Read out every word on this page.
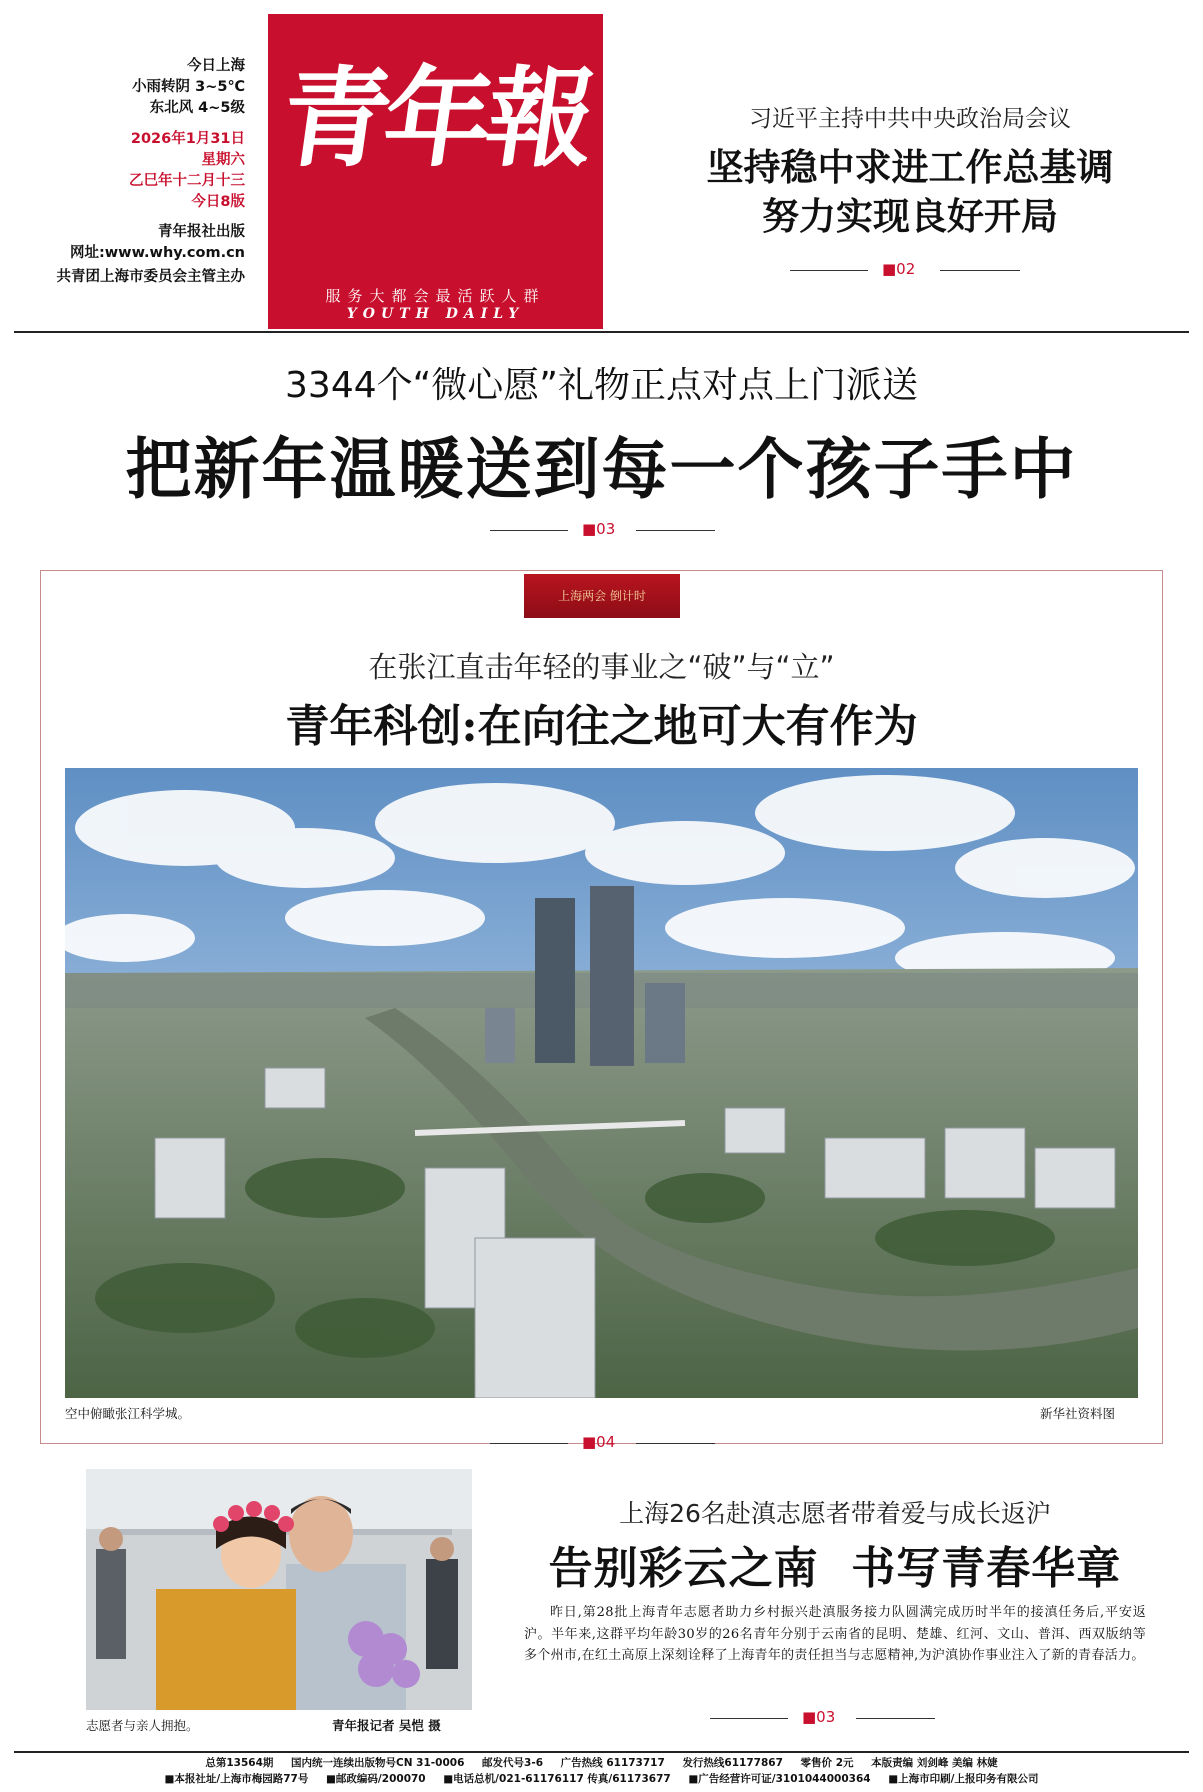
今日上海
小雨转阴 3~5℃
东北风 4~5级
2026年1月31日
星期六
乙巳年十二月十三
今日8版
青年报社出版
网址:www.why.com.cn
共青团上海市委员会主管主办
青年報
服务大都会最活跃人群
YOUTH DAILY
习近平主持中共中央政治局会议
坚持稳中求进工作总基调
努力实现良好开局
■02
3344个“微心愿”礼物正点对点上门派送
把新年温暖送到每一个孩子手中
■03
上海两会 倒计时
在张江直击年轻的事业之“破”与“立”
青年科创:在向往之地可大有作为
空中俯瞰张江科学城。	新华社资料图
■04
志愿者与亲人拥抱。	青年报记者 吴恺 摄
上海26名赴滇志愿者带着爱与成长返沪
告别彩云之南  书写青春华章
昨日,第28批上海青年志愿者助力乡村振兴赴滇服务接力队圆满完成历时半年的接滇任务后,平安返沪。半年来,这群平均年龄30岁的26名青年分别于云南省的昆明、楚雄、红河、文山、普洱、西双版纳等多个州市,在红土高原上深刻诠释了上海青年的责任担当与志愿精神,为沪滇协作事业注入了新的青春活力。
■03
总第13564期 国内统一连续出版物号CN 31-0006 邮发代号3-6 广告热线 61173717 发行热线61177867 零售价 2元 本版责编 刘剑峰 美编 林婕
■本报社址/上海市梅园路77号 ■邮政编码/200070 ■电话总机/021-61176117 传真/61173677 ■广告经营许可证/3101044000364 ■上海市印刷/上报印务有限公司
